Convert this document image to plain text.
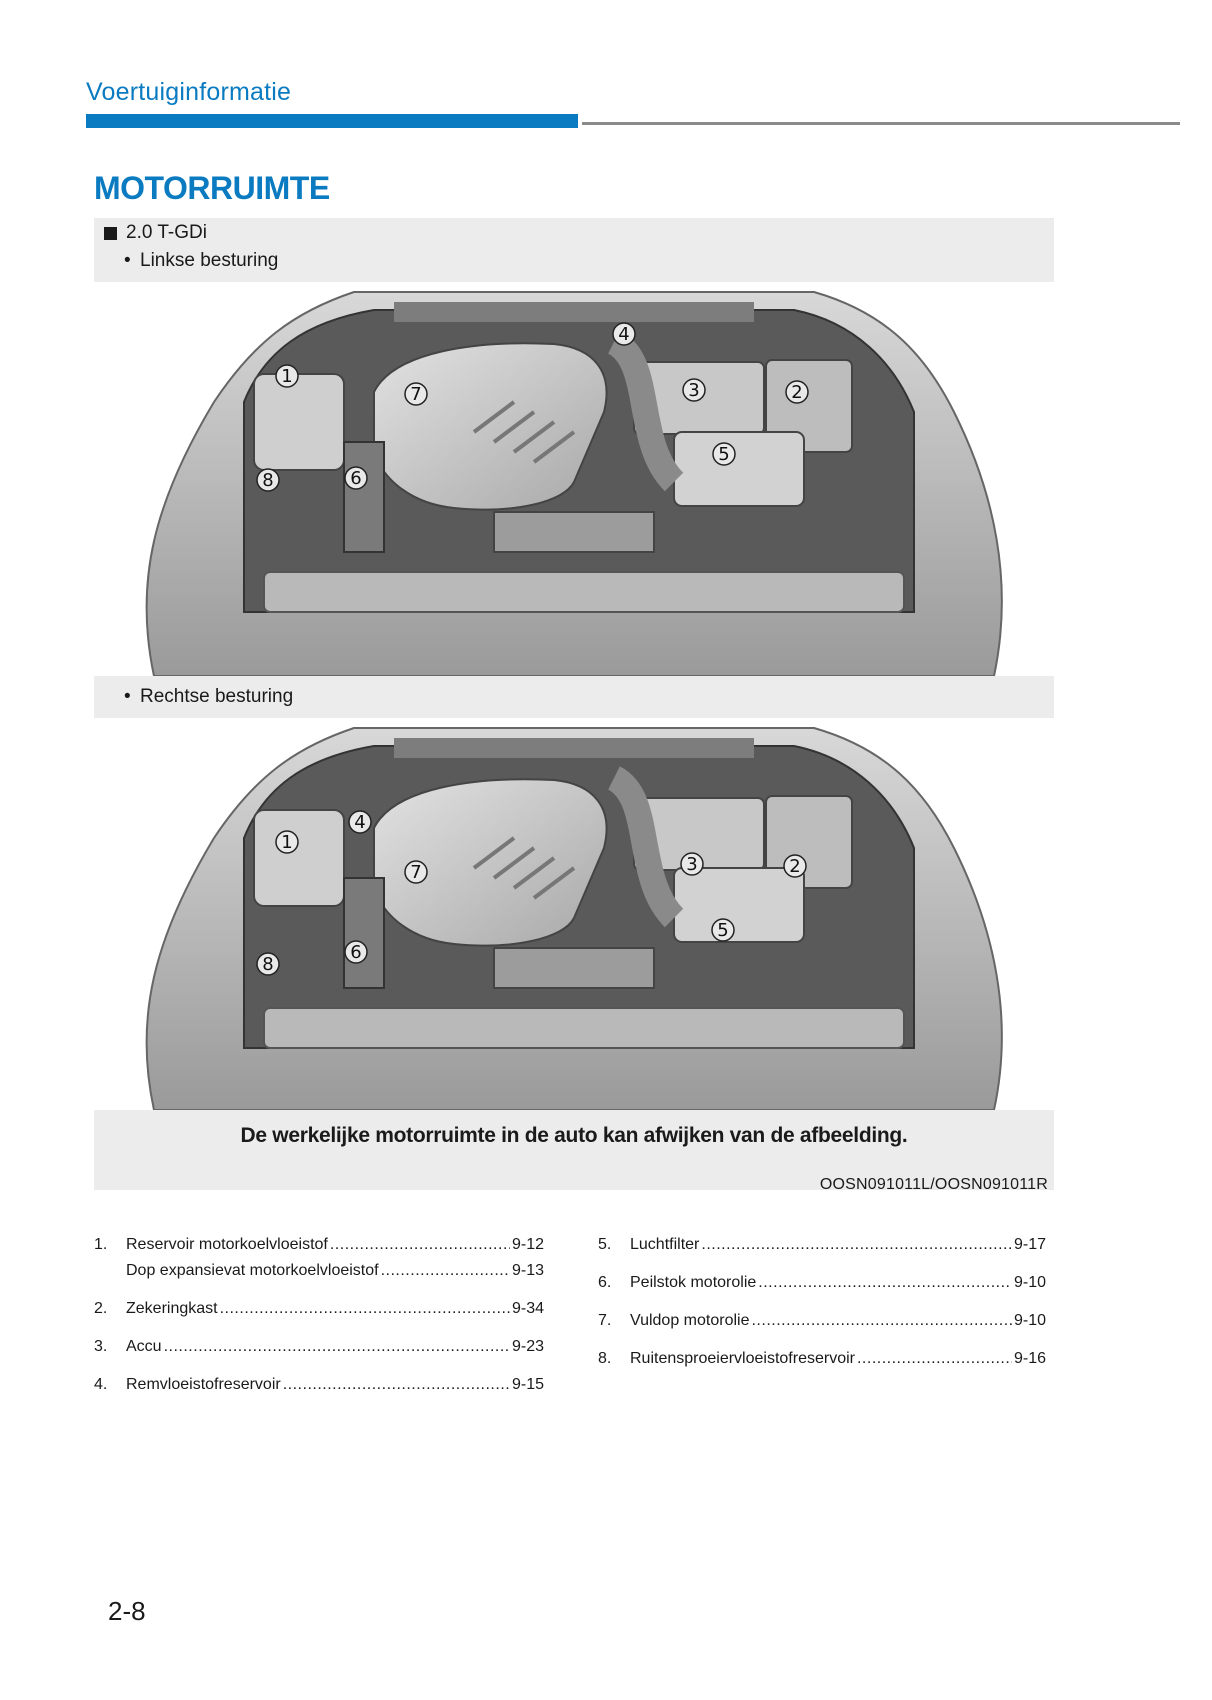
Voertuiginformatie
MOTORRUIMTE
2.0 T-GDi
• Linkse besturing
1
2
3
4
5
6
7
8
• Rechtse besturing
1
2
3
4
5
6
7
8
De werkelijke motorruimte in de auto kan afwijken van de afbeelding.
OOSN091011L/OOSN091011R
1.	Reservoir motorkoelvloeistof .....	9-12
Dop expansievat motorkoelvloeistof .....	9-13
2.	Zekeringkast .....	9-34
3.	Accu .....	9-23
4.	Remvloeistofreservoir .....	9-15
5.	Luchtfilter .....	9-17
6.	Peilstok motorolie .....	9-10
7.	Vuldop motorolie .....	9-10
8.	Ruitensproeiervloeistofreservoir .....	9-16
2-8
